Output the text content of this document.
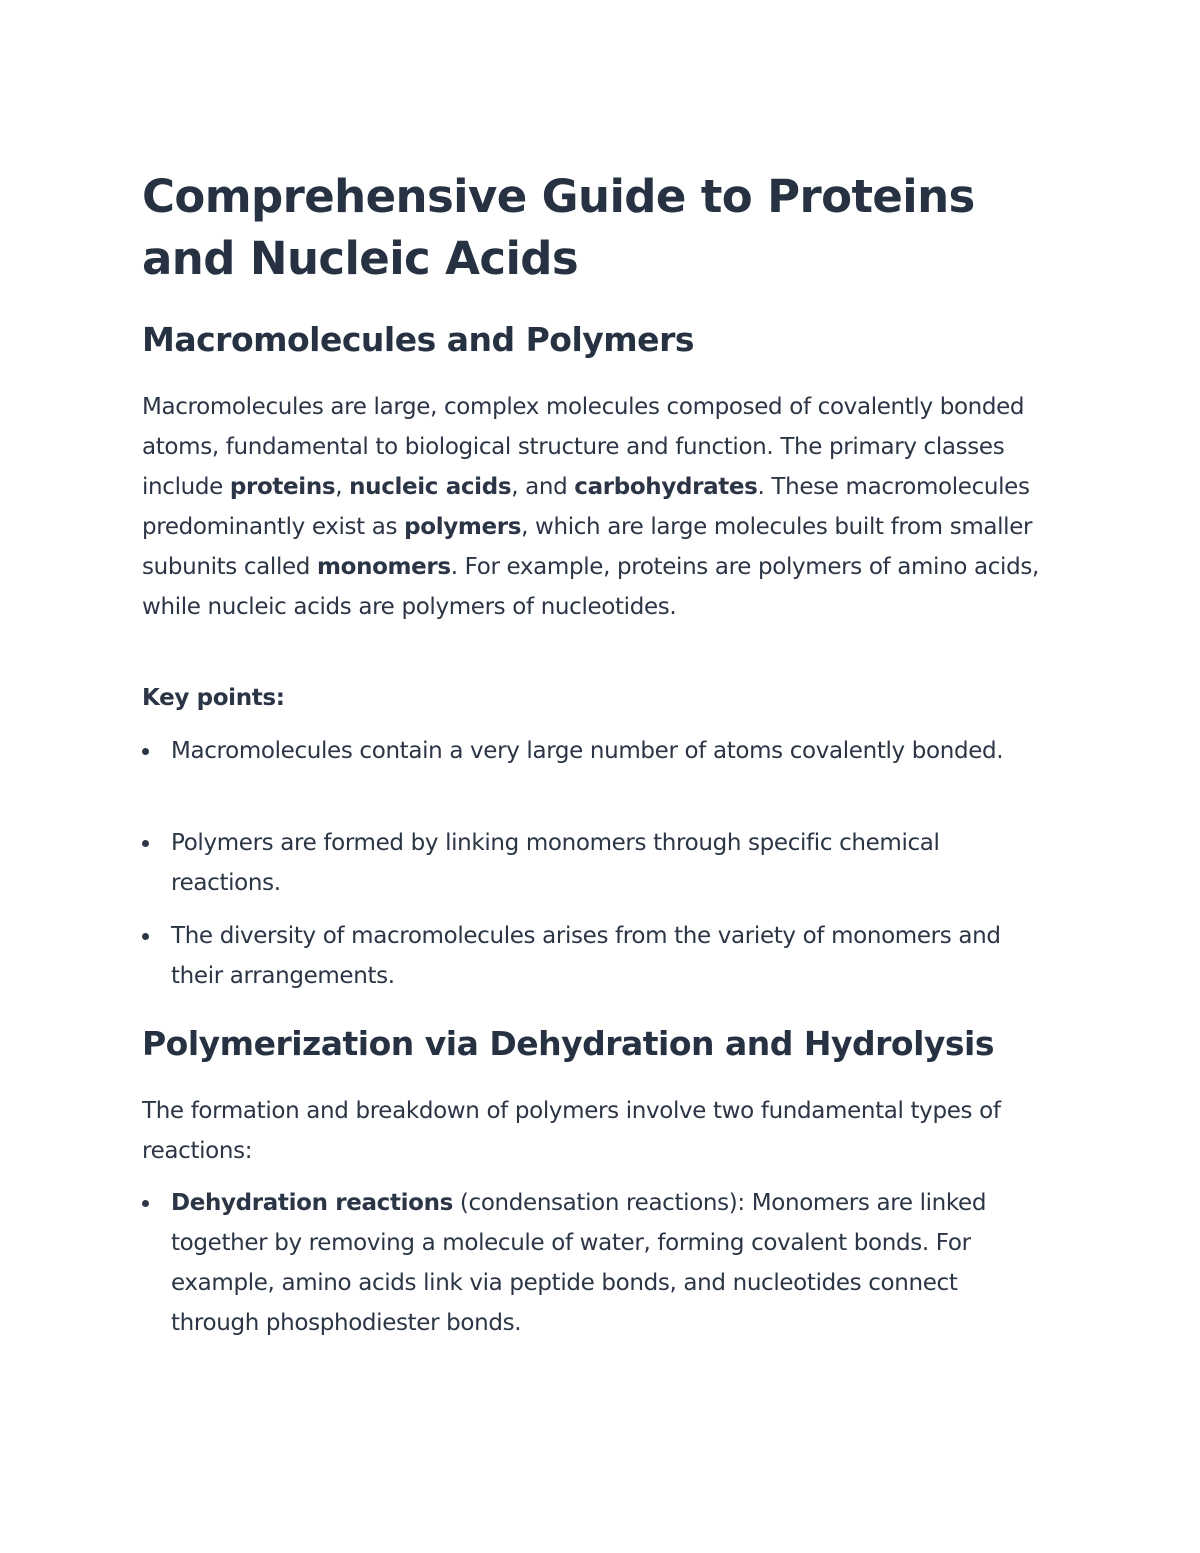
Comprehensive Guide to Proteins and Nucleic Acids
Macromolecules and Polymers

Macromolecules are large, complex molecules composed of covalently bonded atoms, fundamental to biological structure and function. The primary classes include proteins, nucleic acids, and carbohydrates. These macromolecules predominantly exist as polymers, which are large molecules built from smaller subunits called monomers. For example, proteins are polymers of amino acids, while nucleic acids are polymers of nucleotides.

Key points:

Macromolecules contain a very large number of atoms covalently bonded.
Polymers are formed by linking monomers through specific chemical reactions.
The diversity of macromolecules arises from the variety of monomers and their arrangements.
Polymerization via Dehydration and Hydrolysis

The formation and breakdown of polymers involve two fundamental types of reactions:

Dehydration reactions (condensation reactions): Monomers are linked together by removing a molecule of water, forming covalent bonds. For example, amino acids link via peptide bonds, and nucleotides connect through phosphodiester bonds.
